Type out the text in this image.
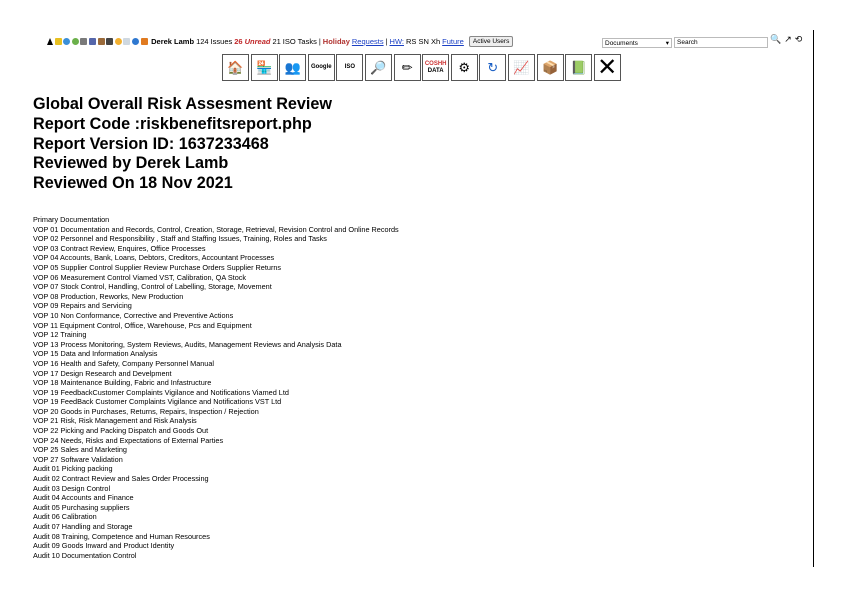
Derek Lamb 124 Issues 26 Unread 21 ISO Tasks | Holiday Requests | HW: RS SN Xh Future	Active Users	Documents	▾	Search	🔍 ↗ ⟲
🏠 🏪 👥 Google ISO 🔎 ✏ COSHH
DATA ⚙ ↻ 📈 📦 📗 ✕
Global Overall Risk Assesment Review
Report Code :riskbenefitsreport.php
Report Version ID: 1637233468
Reviewed by Derek Lamb
Reviewed On 18 Nov 2021
Primary Documentation
VOP 01 Documentation and Records, Control, Creation, Storage, Retrieval, Revision Control and Online Records
VOP 02 Personnel and Responsibility , Staff and Staffing Issues, Training, Roles and Tasks
VOP 03 Contract Review, Enquires, Office Processes
VOP 04 Accounts, Bank, Loans, Debtors, Creditors, Accountant Processes
VOP 05 Supplier Control Supplier Review Purchase Orders Supplier Returns
VOP 06 Measurement Control Viamed VST, Calibration, QA Stock
VOP 07 Stock Control, Handling, Control of Labelling, Storage, Movement
VOP 08 Production, Reworks, New Production
VOP 09 Repairs and Servicing
VOP 10 Non Conformance, Corrective and Preventive Actions
VOP 11 Equipment Control, Office, Warehouse, Pcs and Equipment
VOP 12 Training
VOP 13 Process Monitoring, System Reviews, Audits, Management Reviews and Analysis Data
VOP 15 Data and Information Analysis
VOP 16 Health and Safety, Company Personnel Manual
VOP 17 Design Research and Develpment
VOP 18 Maintenance Building, Fabric and Infastructure
VOP 19 FeedbackCustomer Complaints Vigilance and Notifications Viamed Ltd
VOP 19 FeedBack Customer Complaints Vigilance and Notifications VST Ltd
VOP 20 Goods in Purchases, Returns, Repairs, Inspection / Rejection
VOP 21 Risk, Risk Management and Risk Analysis
VOP 22 Picking and Packing Dispatch and Goods Out
VOP 24 Needs, Risks and Expectations of External Parties
VOP 25 Sales and Marketing
VOP 27 Software Validation
Audit 01 Picking packing
Audit 02 Contract Review and Sales Order Processing
Audit 03 Design Control
Audit 04 Accounts and Finance
Audit 05 Purchasing suppliers
Audit 06 Calibration
Audit 07 Handling and Storage
Audit 08 Training, Competence and Human Resources
Audit 09 Goods Inward and Product Identity
Audit 10 Documentation Control
